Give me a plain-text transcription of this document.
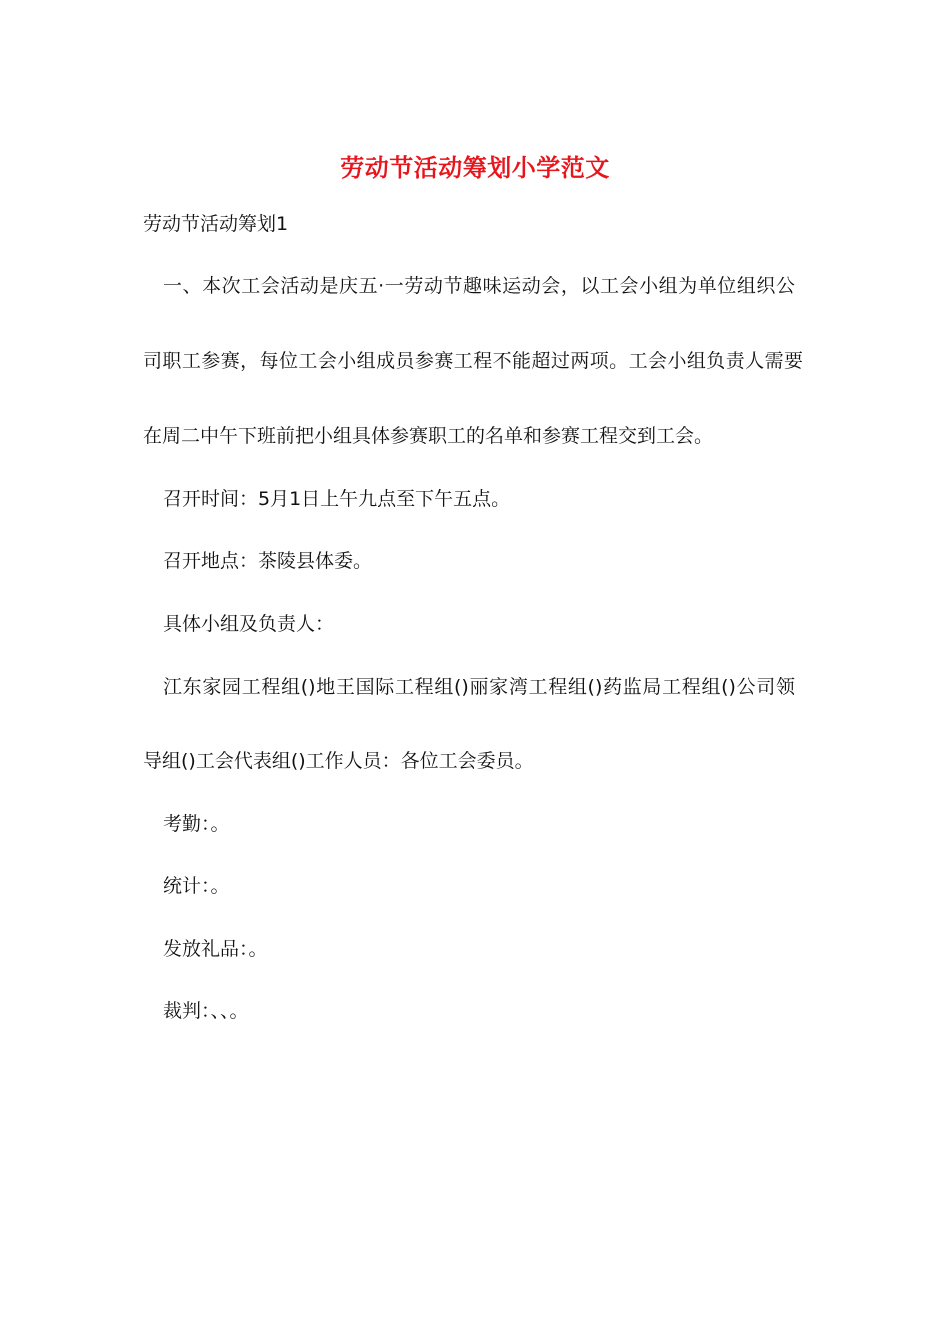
劳动节活动筹划小学范文
劳动节活动筹划1
一、本次工会活动是庆五·一劳动节趣味运动会，以工会小组为单位组织公
司职工参赛，每位工会小组成员参赛工程不能超过两项。工会小组负责人需要
在周二中午下班前把小组具体参赛职工的名单和参赛工程交到工会。
召开时间：5月1日上午九点至下午五点。
召开地点：茶陵县体委。
具体小组及负责人：
江东家园工程组()地王国际工程组()丽家湾工程组()药监局工程组()公司领
导组()工会代表组()工作人员：各位工会委员。
考勤：。
统计：。
发放礼品：。
裁判：、、。
